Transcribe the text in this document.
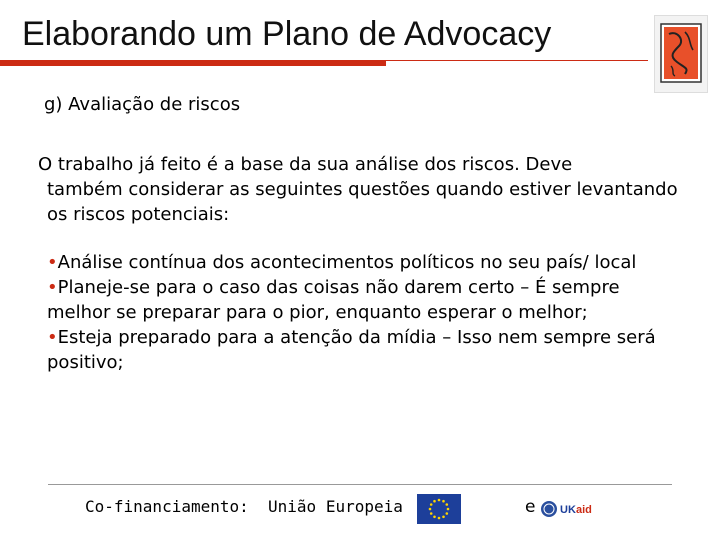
Elaborando um Plano de Advocacy
g) Avaliação de riscos
O trabalho já feito é a base da sua análise dos riscos. Deve
também considerar as seguintes questões quando estiver levantando os riscos potenciais:
•Análise contínua dos acontecimentos políticos no seu país/ local
•Planeje-se para o caso das coisas não darem certo – É sempre melhor se preparar para o pior, enquanto esperar o melhor;
•Esteja preparado para a atenção da mídia – Isso nem sempre será positivo;
Co-financiamento:  União Europeia	e UK aid
